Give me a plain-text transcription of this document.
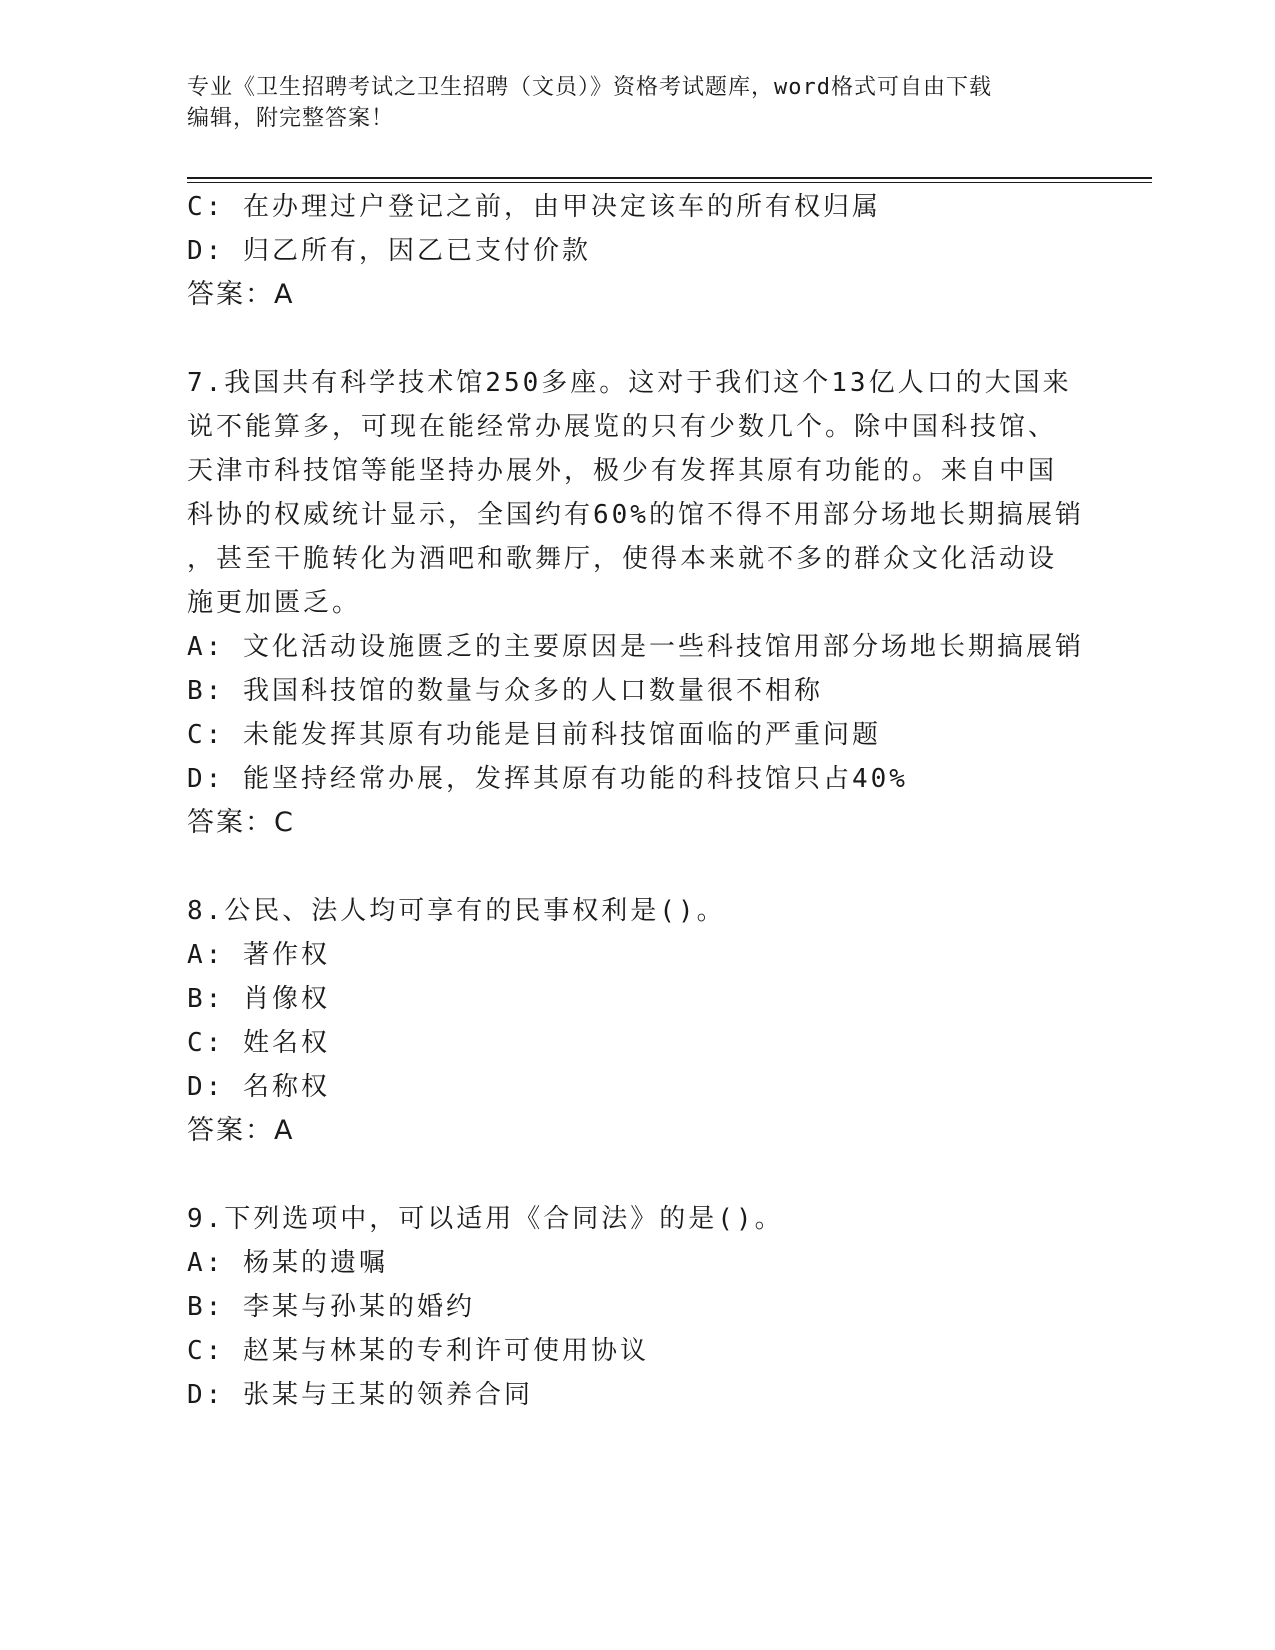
专业《卫生招聘考试之卫生招聘（文员）》资格考试题库，word格式可自由下载
编辑，附完整答案！
C: 在办理过户登记之前，由甲决定该车的所有权归属
D: 归乙所有，因乙已支付价款
答案：A
7.我国共有科学技术馆250多座。这对于我们这个13亿人口的大国来
说不能算多，可现在能经常办展览的只有少数几个。除中国科技馆、
天津市科技馆等能坚持办展外，极少有发挥其原有功能的。来自中国
科协的权威统计显示，全国约有60%的馆不得不用部分场地长期搞展销
，甚至干脆转化为酒吧和歌舞厅，使得本来就不多的群众文化活动设
施更加匮乏。
A: 文化活动设施匮乏的主要原因是一些科技馆用部分场地长期搞展销
B: 我国科技馆的数量与众多的人口数量很不相称
C: 未能发挥其原有功能是目前科技馆面临的严重问题
D: 能坚持经常办展，发挥其原有功能的科技馆只占40%
答案：C
8.公民、法人均可享有的民事权利是()。
A: 著作权
B: 肖像权
C: 姓名权
D: 名称权
答案：A
9.下列选项中，可以适用《合同法》的是()。
A: 杨某的遗嘱
B: 李某与孙某的婚约
C: 赵某与林某的专利许可使用协议
D: 张某与王某的领养合同
